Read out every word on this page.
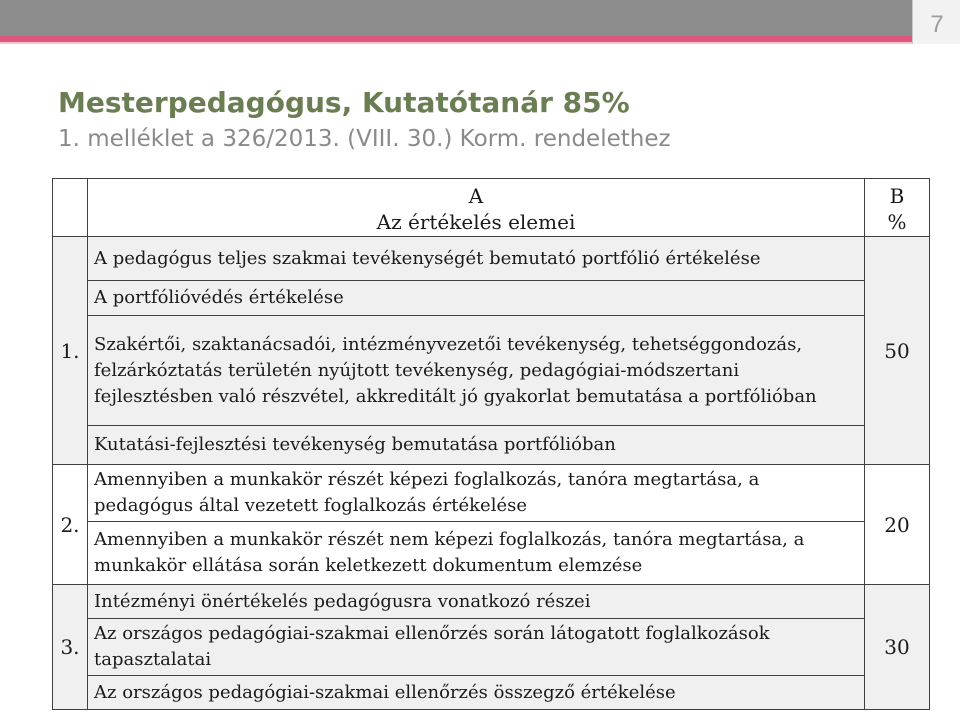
7
Mesterpedagógus, Kutatótanár 85%
1. melléklet a 326/2013. (VIII. 30.) Korm. rendelethez
A
Az értékelés elemei
B
%
1.
A pedagógus teljes szakmai tevékenységét bemutató portfólió értékelése
A portfólióvédés értékelése
Szakértői, szaktanácsadói, intézményvezetői tevékenység, tehetséggondozás, felzárkóztatás területén nyújtott tevékenység, pedagógiai-módszertani fejlesztésben való részvétel, akkreditált jó gyakorlat bemutatása a portfólióban
Kutatási-fejlesztési tevékenység bemutatása portfólióban
50
2.
Amennyiben a munkakör részét képezi foglalkozás, tanóra megtartása, a pedagógus által vezetett foglalkozás értékelése
Amennyiben a munkakör részét nem képezi foglalkozás, tanóra megtartása, a munkakör ellátása során keletkezett dokumentum elemzése
20
3.
Intézményi önértékelés pedagógusra vonatkozó részei
Az országos pedagógiai-szakmai ellenőrzés során látogatott foglalkozások tapasztalatai
Az országos pedagógiai-szakmai ellenőrzés összegző értékelése
30
